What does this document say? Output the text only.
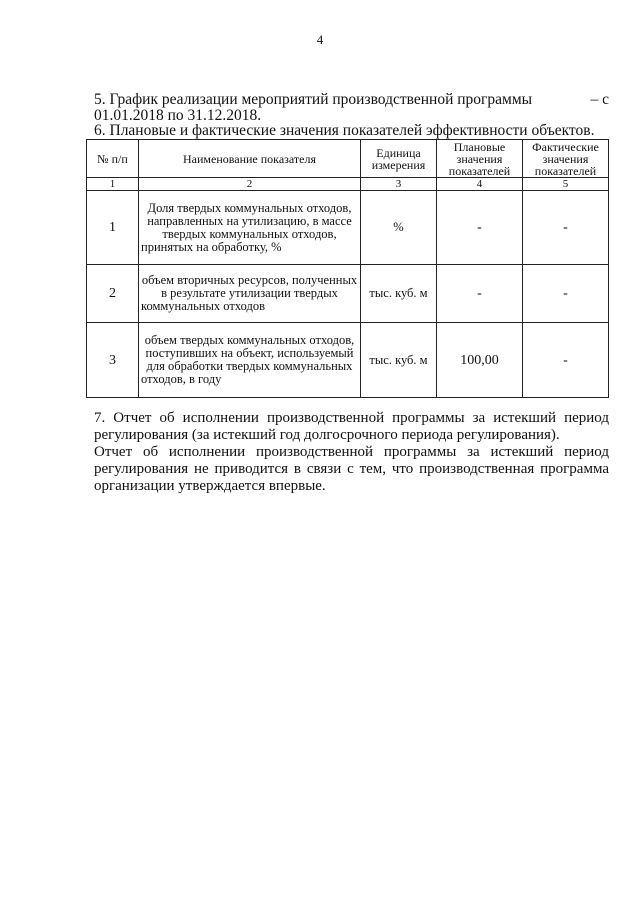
4
5. График реализации мероприятий производственной программы	– с
01.01.2018 по 31.12.2018.
6. Плановые и фактические значения показателей эффективности объектов.
№ п/п	Наименование показателя	Единица измерения	Плановые значения показателей	Фактические значения показателей
1	2	3	4	5
1	Доля твердых коммунальных отходов, направленных на утилизацию, в массе твердых коммунальных отходов, принятых на обработку, %	%	-	-
2	объем вторичных ресурсов, полученных в результате утилизации твердых коммунальных отходов	тыс. куб. м	-	-
3	объем твердых коммунальных отходов, поступивших на объект, используемый для обработки твердых коммунальных отходов, в году	тыс. куб. м	100,00	-

7. Отчет об исполнении производственной программы за истекший период регулирования (за истекший год долгосрочного периода регулирования).

Отчет об исполнении производственной программы за истекший период регулирования не приводится в связи с тем, что производственная программа организации утверждается впервые.
